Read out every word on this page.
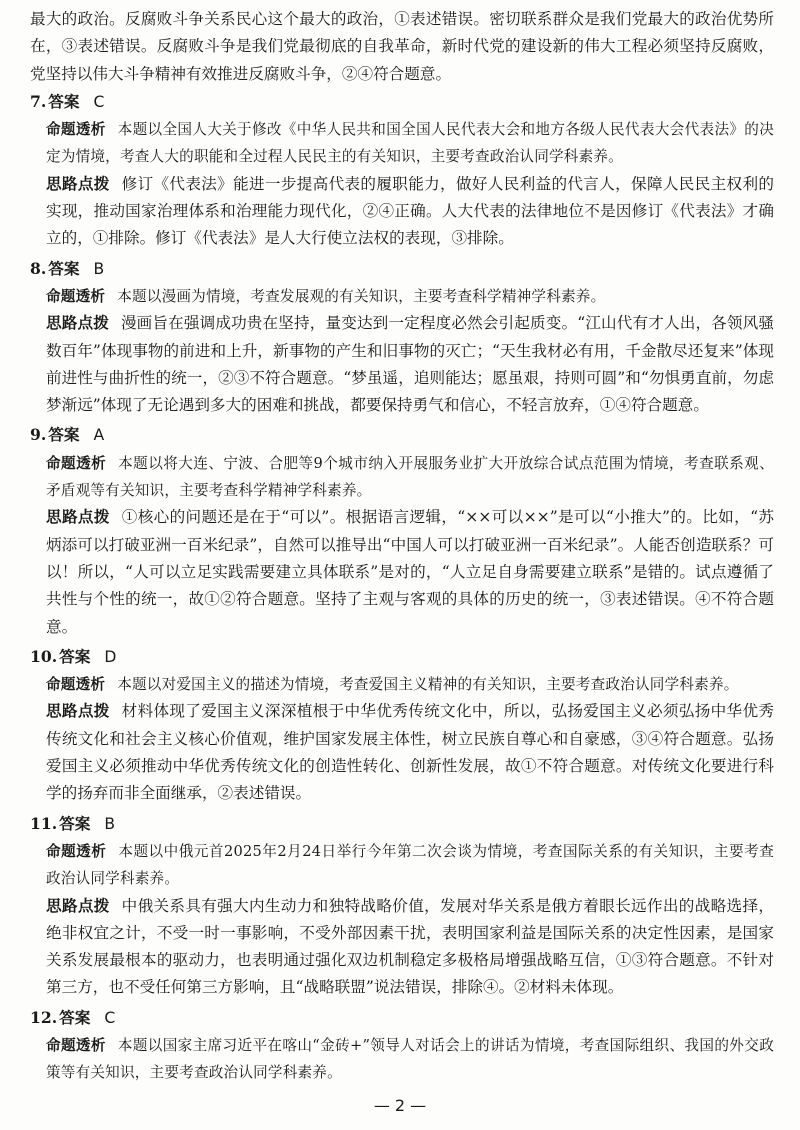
最大的政治。反腐败斗争关系民心这个最大的政治，①表述错误。密切联系群众是我们党最大的政治优势所在，③表述错误。反腐败斗争是我们党最彻底的自我革命，新时代党的建设新的伟大工程必须坚持反腐败，党坚持以伟大斗争精神有效推进反腐败斗争，②④符合题意。

7. 答案 C

命题透析 本题以全国人大关于修改《中华人民共和国全国人民代表大会和地方各级人民代表大会代表法》的决定为情境，考查人大的职能和全过程人民民主的有关知识，主要考查政治认同学科素养。

思路点拨 修订《代表法》能进一步提高代表的履职能力，做好人民利益的代言人，保障人民民主权利的实现，推动国家治理体系和治理能力现代化，②④正确。人大代表的法律地位不是因修订《代表法》才确立的，①排除。修订《代表法》是人大行使立法权的表现，③排除。

8. 答案 B

命题透析 本题以漫画为情境，考查发展观的有关知识，主要考查科学精神学科素养。

思路点拨 漫画旨在强调成功贵在坚持，量变达到一定程度必然会引起质变。“江山代有才人出，各领风骚数百年”体现事物的前进和上升，新事物的产生和旧事物的灭亡；“天生我材必有用，千金散尽还复来”体现前进性与曲折性的统一，②③不符合题意。“梦虽遥，追则能达；愿虽艰，持则可圆”和“勿惧勇直前，勿虑梦渐远”体现了无论遇到多大的困难和挑战，都要保持勇气和信心，不轻言放弃，①④符合题意。

9. 答案 A

命题透析 本题以将大连、宁波、合肥等9个城市纳入开展服务业扩大开放综合试点范围为情境，考查联系观、矛盾观等有关知识，主要考查科学精神学科素养。

思路点拨 ①核心的问题还是在于“可以”。根据语言逻辑，“××可以××”是可以“小推大”的。比如，“苏炳添可以打破亚洲一百米纪录”，自然可以推导出“中国人可以打破亚洲一百米纪录”。人能否创造联系？可以！所以，“人可以立足实践需要建立具体联系”是对的，“人立足自身需要建立联系”是错的。试点遵循了共性与个性的统一，故①②符合题意。坚持了主观与客观的具体的历史的统一，③表述错误。④不符合题意。

10. 答案 D

命题透析 本题以对爱国主义的描述为情境，考查爱国主义精神的有关知识，主要考查政治认同学科素养。

思路点拨 材料体现了爱国主义深深植根于中华优秀传统文化中，所以，弘扬爱国主义必须弘扬中华优秀传统文化和社会主义核心价值观，维护国家发展主体性，树立民族自尊心和自豪感，③④符合题意。弘扬爱国主义必须推动中华优秀传统文化的创造性转化、创新性发展，故①不符合题意。对传统文化要进行科学的扬弃而非全面继承，②表述错误。

11. 答案 B

命题透析 本题以中俄元首2025年2月24日举行今年第二次会谈为情境，考查国际关系的有关知识，主要考查政治认同学科素养。

思路点拨 中俄关系具有强大内生动力和独特战略价值，发展对华关系是俄方着眼长远作出的战略选择，绝非权宜之计，不受一时一事影响，不受外部因素干扰，表明国家利益是国际关系的决定性因素，是国家关系发展最根本的驱动力，也表明通过强化双边机制稳定多极格局增强战略互信，①③符合题意。不针对第三方，也不受任何第三方影响，且“战略联盟”说法错误，排除④。②材料未体现。

12. 答案 C

命题透析 本题以国家主席习近平在喀山“金砖+”领导人对话会上的讲话为情境，考查国际组织、我国的外交政策等有关知识，主要考查政治认同学科素养。

— 2 —
